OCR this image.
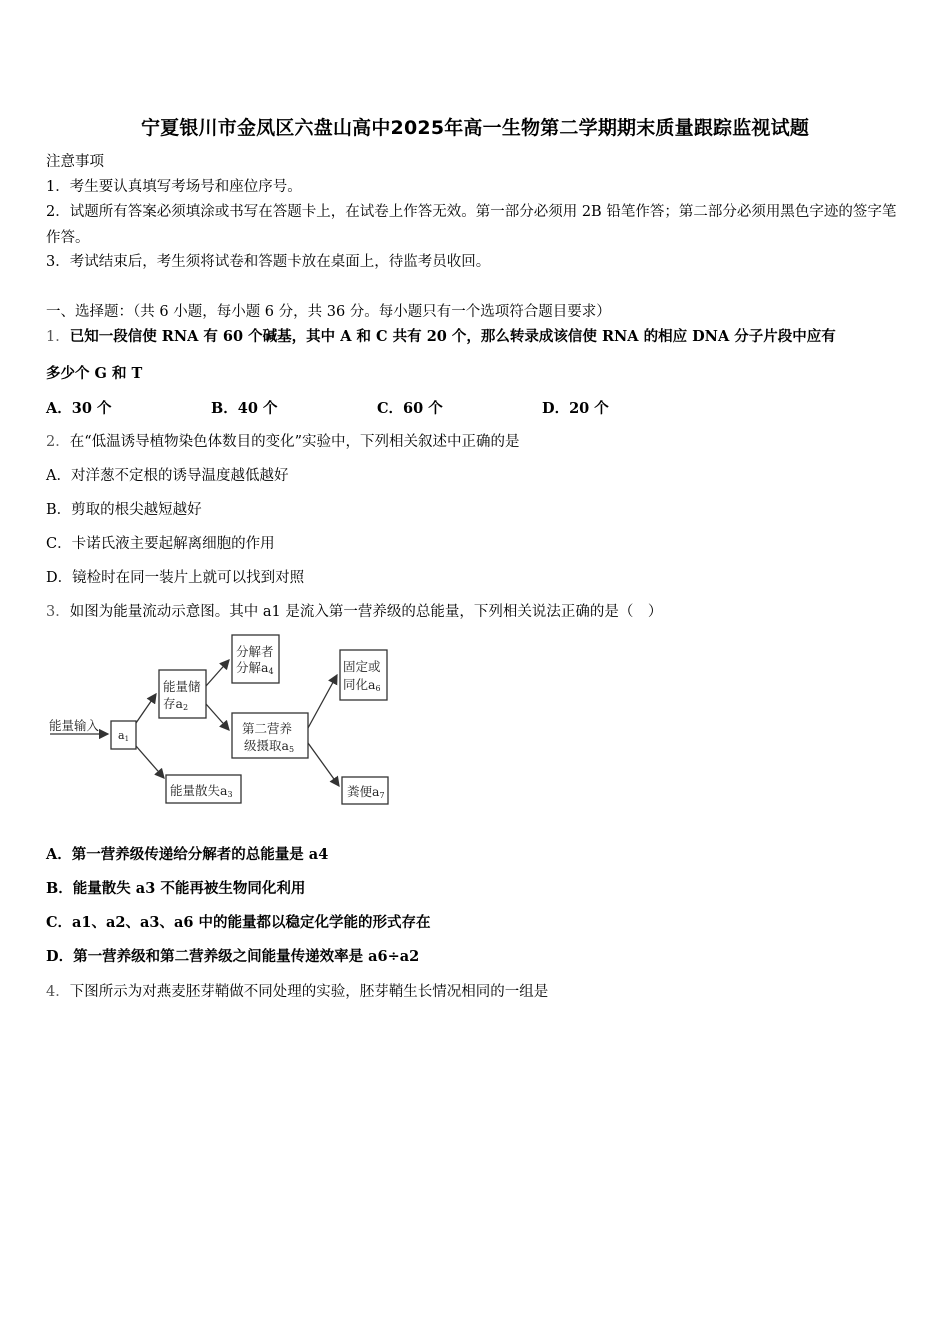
宁夏银川市金凤区六盘山高中2025年高一生物第二学期期末质量跟踪监视试题
注意事项
1．考生要认真填写考场号和座位序号。
2．试题所有答案必须填涂或书写在答题卡上，在试卷上作答无效。第一部分必须用 2B 铅笔作答；第二部分必须用黑色字迹的签字笔作答。
3．考试结束后，考生须将试卷和答题卡放在桌面上，待监考员收回。
一、选择题：（共 6 小题，每小题 6 分，共 36 分。每小题只有一个选项符合题目要求）
1．已知一段信使 RNA 有 60 个碱基，其中 A 和 C 共有 20 个，那么转录成该信使 RNA 的相应 DNA 分子片段中应有
多少个 G 和 T
A．30 个	B．40 个	C．60 个	D．20 个
2．在“低温诱导植物染色体数目的变化”实验中，下列相关叙述中正确的是
A．对洋葱不定根的诱导温度越低越好
B．剪取的根尖越短越好
C．卡诺氏液主要起解离细胞的作用
D．镜检时在同一装片上就可以找到对照
3．如图为能量流动示意图。其中 a1 是流入第一营养级的总能量，下列相关说法正确的是（　）
能量输入
a1
能量储
存a2
分解者
分解a4
第二营养
级摄取a5
固定或
同化a6
能量散失a3	粪便a7
A．第一营养级传递给分解者的总能量是 a4
B．能量散失 a3 不能再被生物同化利用
C．a1、a2、a3、a6 中的能量都以稳定化学能的形式存在
D．第一营养级和第二营养级之间能量传递效率是 a6÷a2
4．下图所示为对燕麦胚芽鞘做不同处理的实验，胚芽鞘生长情况相同的一组是
